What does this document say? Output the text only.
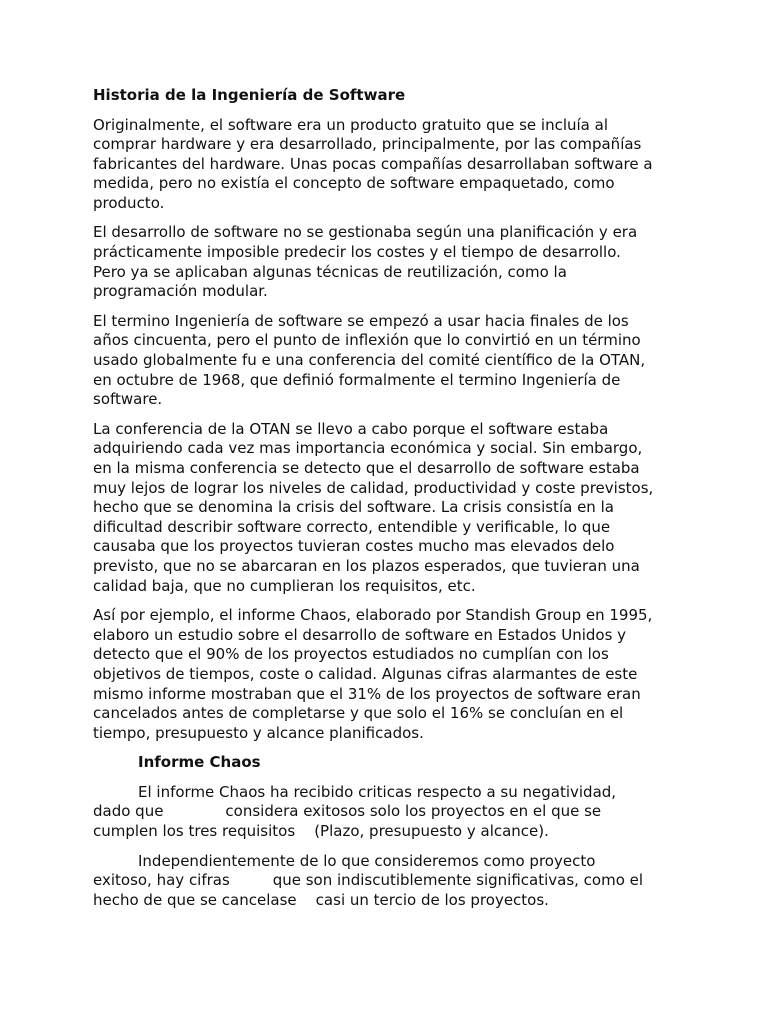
Historia de la Ingeniería de Software
Originalmente, el software era un producto gratuito que se incluía al
comprar hardware y era desarrollado, principalmente, por las compañías
fabricantes del hardware. Unas pocas compañías desarrollaban software a
medida, pero no existía el concepto de software empaquetado, como
producto.
El desarrollo de software no se gestionaba según una planificación y era
prácticamente imposible predecir los costes y el tiempo de desarrollo.
Pero ya se aplicaban algunas técnicas de reutilización, como la
programación modular.
El termino Ingeniería de software se empezó a usar hacia finales de los
años cincuenta, pero el punto de inflexión que lo convirtió en un término
usado globalmente fu e una conferencia del comité científico de la OTAN,
en octubre de 1968, que definió formalmente el termino Ingeniería de
software.
La conferencia de la OTAN se llevo a cabo porque el software estaba
adquiriendo cada vez mas importancia económica y social. Sin embargo,
en la misma conferencia se detecto que el desarrollo de software estaba
muy lejos de lograr los niveles de calidad, productividad y coste previstos,
hecho que se denomina la crisis del software. La crisis consistía en la
dificultad describir software correcto, entendible y verificable, lo que
causaba que los proyectos tuvieran costes mucho mas elevados delo
previsto, que no se abarcaran en los plazos esperados, que tuvieran una
calidad baja, que no cumplieran los requisitos, etc.
Así por ejemplo, el informe Chaos, elaborado por Standish Group en 1995,
elaboro un estudio sobre el desarrollo de software en Estados Unidos y
detecto que el 90% de los proyectos estudiados no cumplían con los
objetivos de tiempos, coste o calidad. Algunas cifras alarmantes de este
mismo informe mostraban que el 31% de los proyectos de software eran
cancelados antes de completarse y que solo el 16% se concluían en el
tiempo, presupuesto y alcance planificados.
Informe Chaos
El informe Chaos ha recibido criticas respecto a su negatividad,
dado que             considera exitosos solo los proyectos en el que se
cumplen los tres requisitos    (Plazo, presupuesto y alcance).
Independientemente de lo que consideremos como proyecto
exitoso, hay cifras         que son indiscutiblemente significativas, como el
hecho de que se cancelase    casi un tercio de los proyectos.
